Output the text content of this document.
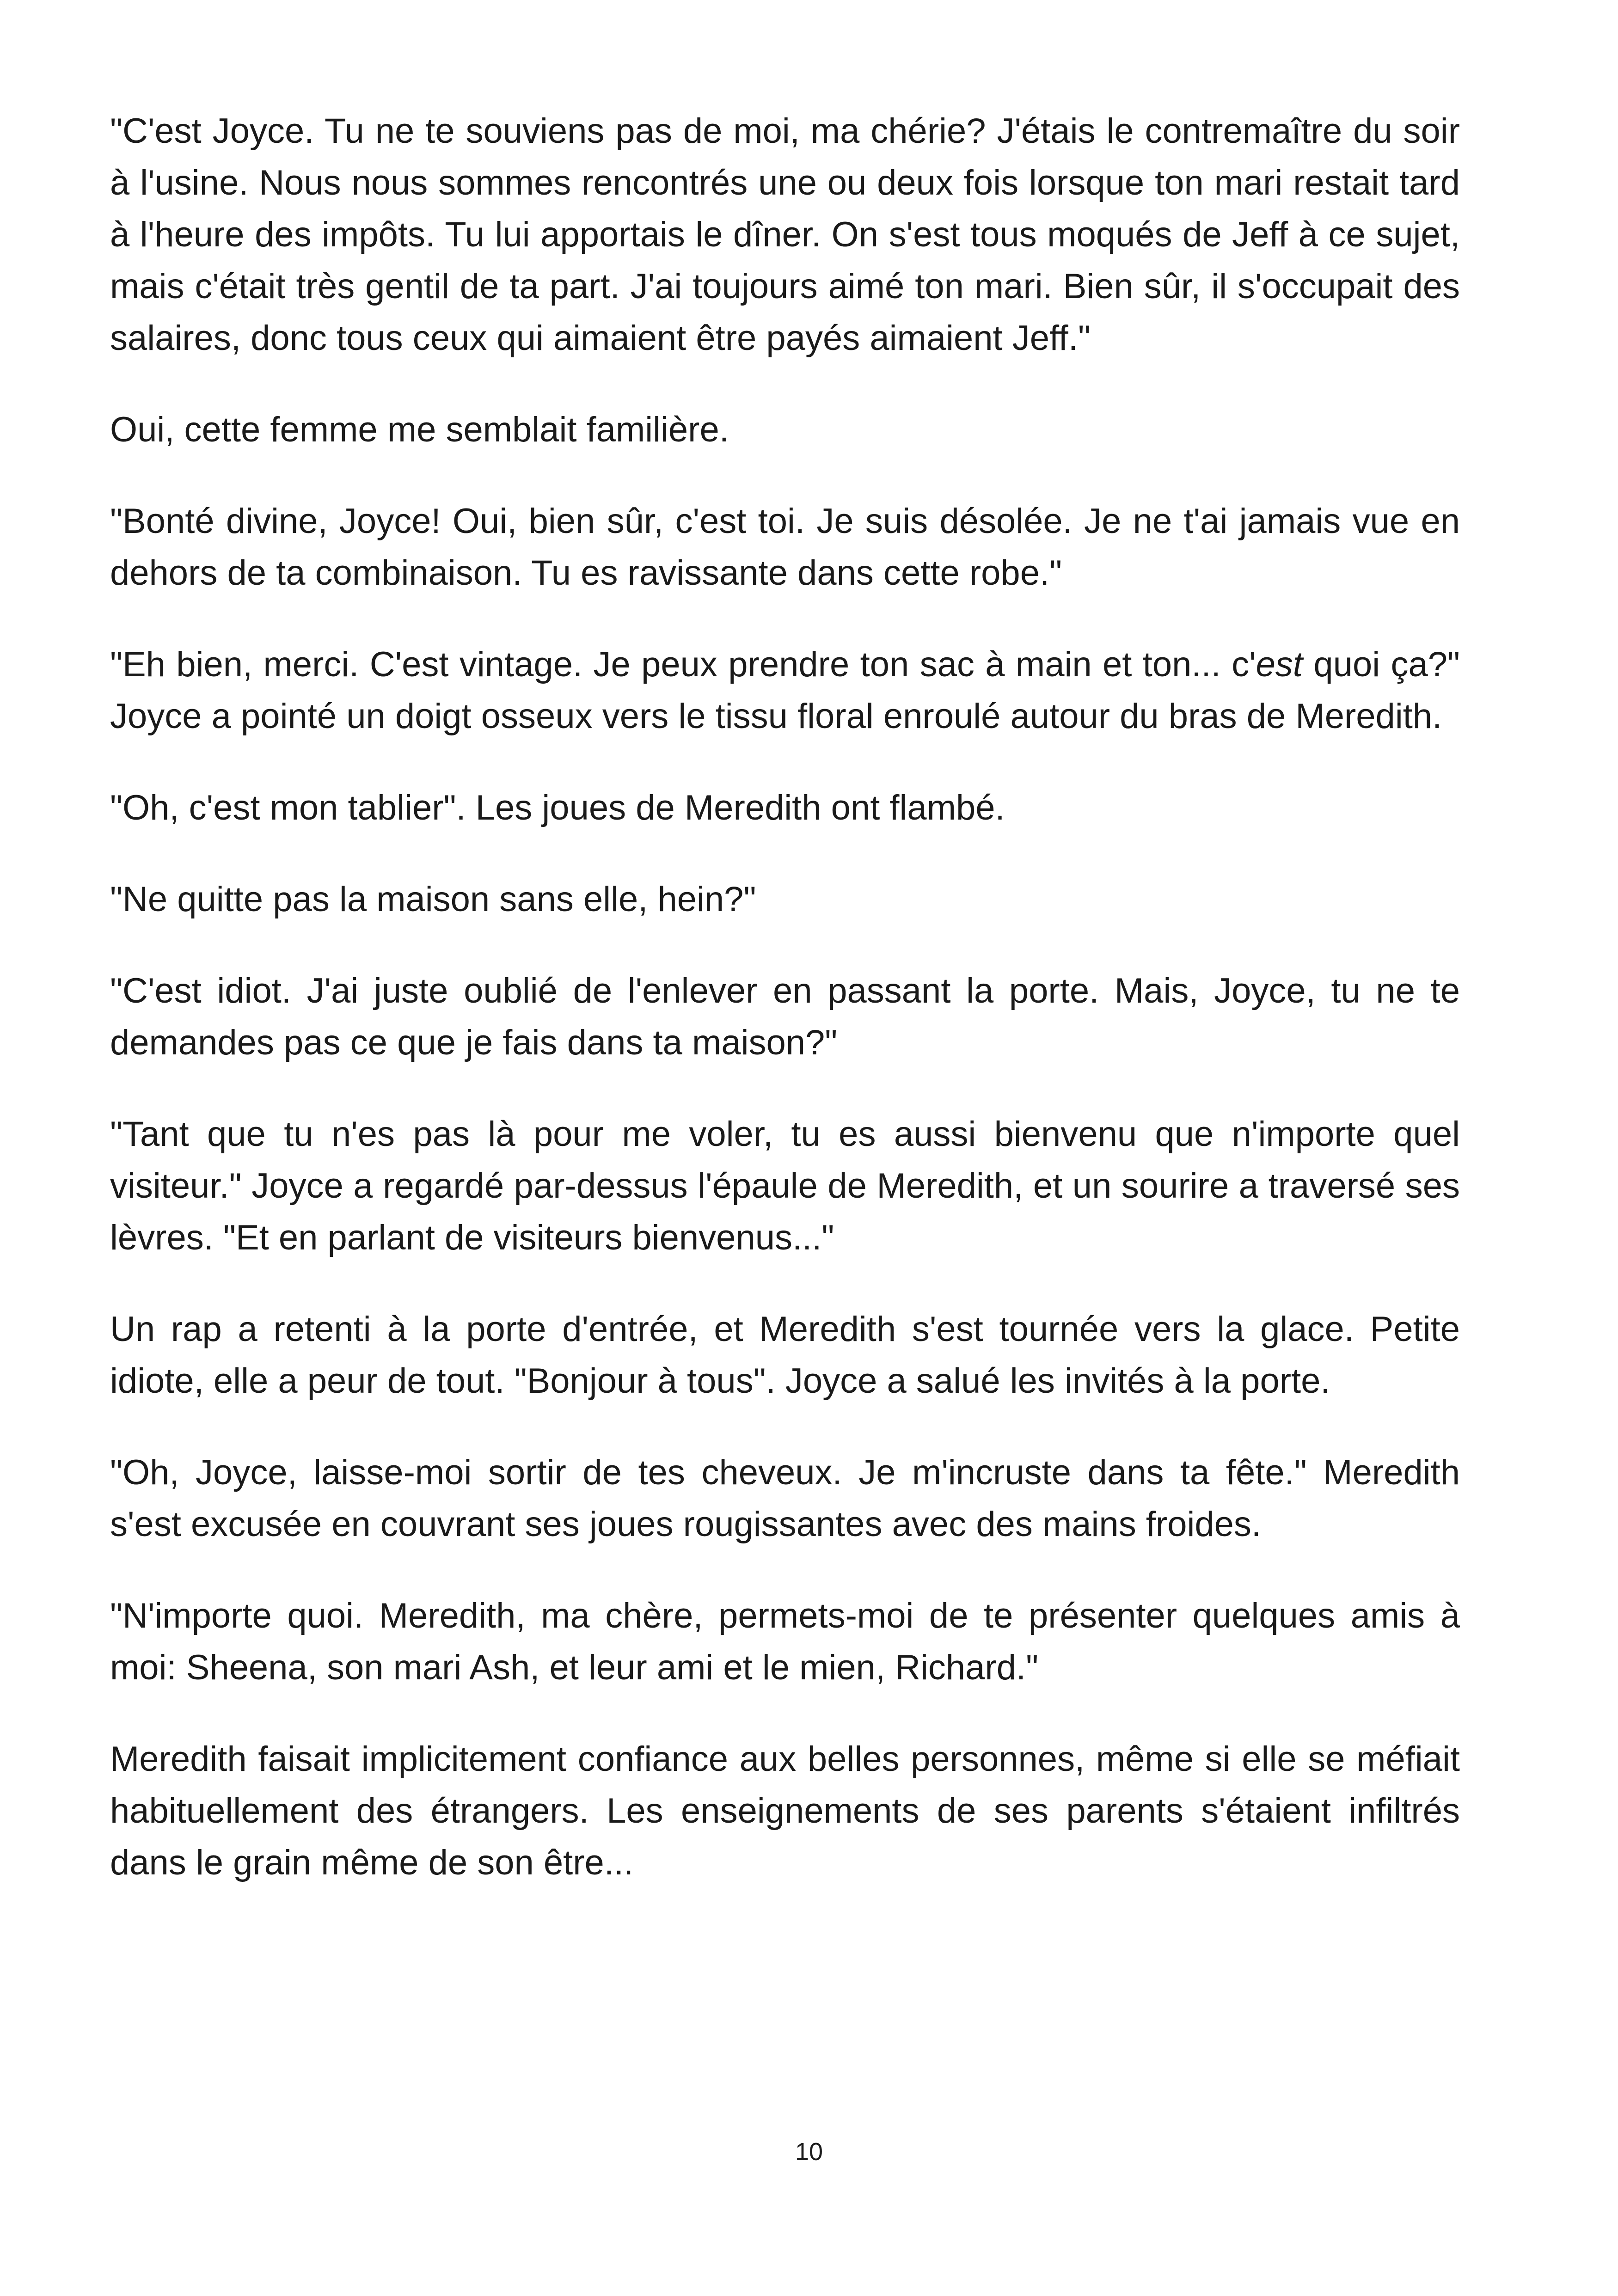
"C'est Joyce. Tu ne te souviens pas de moi, ma chérie? J'étais le contremaître du soir à l'usine. Nous nous sommes rencontrés une ou deux fois lorsque ton mari restait tard à l'heure des impôts. Tu lui apportais le dîner. On s'est tous moqués de Jeff à ce sujet, mais c'était très gentil de ta part. J'ai toujours aimé ton mari. Bien sûr, il s'occupait des salaires, donc tous ceux qui aimaient être payés aimaient Jeff."

Oui, cette femme me semblait familière.

"Bonté divine, Joyce! Oui, bien sûr, c'est toi. Je suis désolée. Je ne t'ai jamais vue en dehors de ta combinaison. Tu es ravissante dans cette robe."

"Eh bien, merci. C'est vintage. Je peux prendre ton sac à main et ton... c'est quoi ça?" Joyce a pointé un doigt osseux vers le tissu floral enroulé autour du bras de Meredith.

"Oh, c'est mon tablier". Les joues de Meredith ont flambé.

"Ne quitte pas la maison sans elle, hein?"

"C'est idiot. J'ai juste oublié de l'enlever en passant la porte. Mais, Joyce, tu ne te demandes pas ce que je fais dans ta maison?"

"Tant que tu n'es pas là pour me voler, tu es aussi bienvenu que n'importe quel visiteur." Joyce a regardé par-dessus l'épaule de Meredith, et un sourire a traversé ses lèvres. "Et en parlant de visiteurs bienvenus..."

Un rap a retenti à la porte d'entrée, et Meredith s'est tournée vers la glace. Petite idiote, elle a peur de tout. "Bonjour à tous". Joyce a salué les invités à la porte.

"Oh, Joyce, laisse-moi sortir de tes cheveux. Je m'incruste dans ta fête." Meredith s'est excusée en couvrant ses joues rougissantes avec des mains froides.

"N'importe quoi. Meredith, ma chère, permets-moi de te présenter quelques amis à moi: Sheena, son mari Ash, et leur ami et le mien, Richard."

Meredith faisait implicitement confiance aux belles personnes, même si elle se méfiait habituellement des étrangers. Les enseignements de ses parents s'étaient infiltrés dans le grain même de son être...

10
